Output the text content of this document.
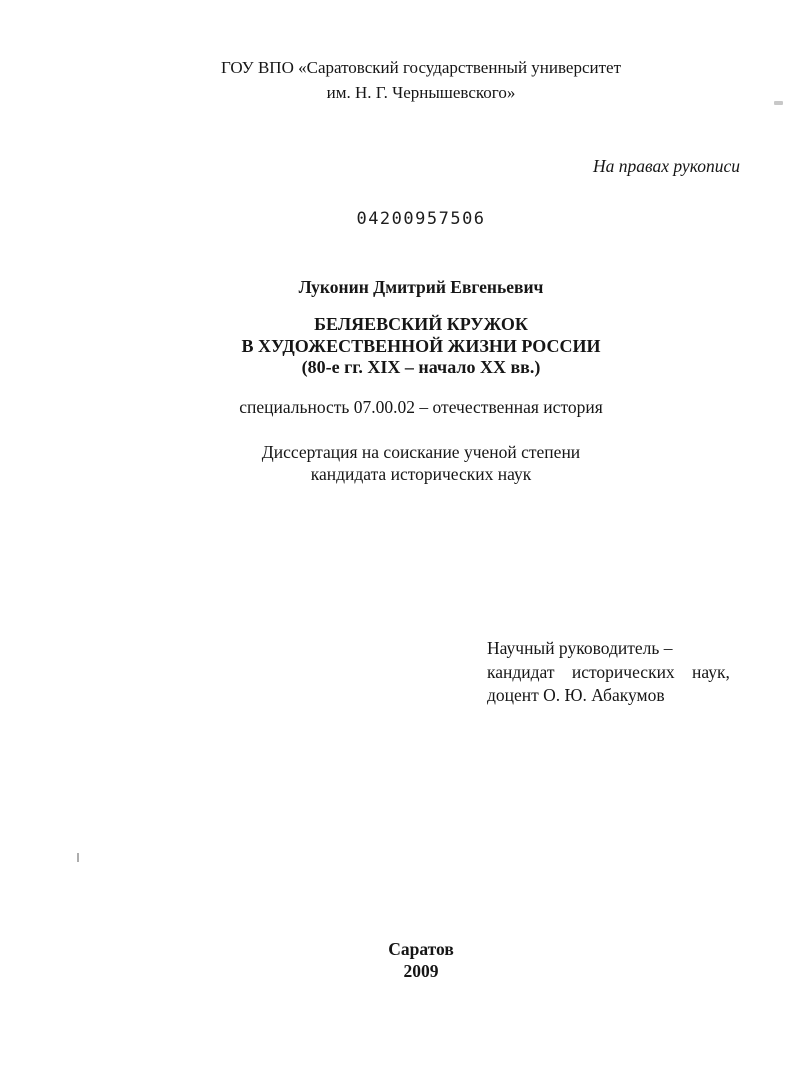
ГОУ ВПО «Саратовский государственный университет
им. Н. Г. Чернышевского»
На правах рукописи
04200957506
Луконин Дмитрий Евгеньевич
БЕЛЯЕВСКИЙ КРУЖОК
В ХУДОЖЕСТВЕННОЙ ЖИЗНИ РОССИИ
(80-е гг. XIX – начало XX вв.)
специальность 07.00.02 – отечественная история
Диссертация на соискание ученой степени
кандидата исторических наук
Научный руководитель –
кандидат исторических наук,
доцент О. Ю. Абакумов
Саратов
2009
